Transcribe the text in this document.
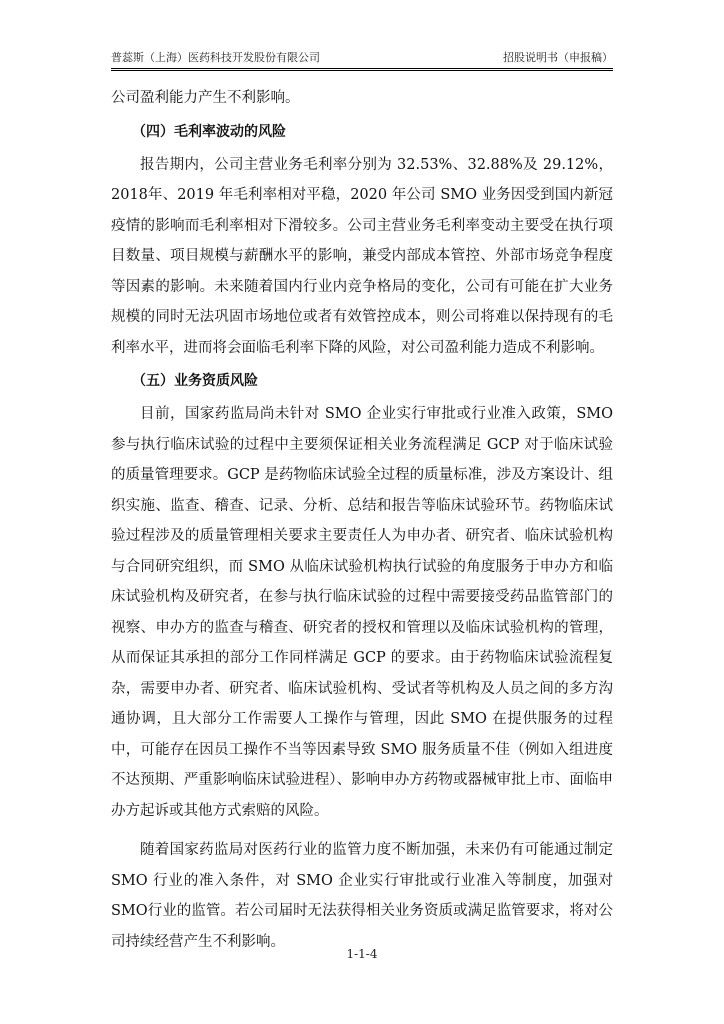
普蕊斯（上海）医药科技开发股份有限公司	招股说明书（申报稿）

公司盈利能力产生不利影响。

（四）毛利率波动的风险

报告期内，公司主营业务毛利率分别为 32.53%、32.88%及 29.12%，2018年、2019 年毛利率相对平稳，2020 年公司 SMO 业务因受到国内新冠疫情的影响而毛利率相对下滑较多。公司主营业务毛利率变动主要受在执行项目数量、项目规模与薪酬水平的影响，兼受内部成本管控、外部市场竞争程度等因素的影响。未来随着国内行业内竞争格局的变化，公司有可能在扩大业务规模的同时无法巩固市场地位或者有效管控成本，则公司将难以保持现有的毛利率水平，进而将会面临毛利率下降的风险，对公司盈利能力造成不利影响。

（五）业务资质风险

目前，国家药监局尚未针对 SMO 企业实行审批或行业准入政策，SMO 参与执行临床试验的过程中主要须保证相关业务流程满足 GCP 对于临床试验的质量管理要求。GCP 是药物临床试验全过程的质量标准，涉及方案设计、组织实施、监查、稽查、记录、分析、总结和报告等临床试验环节。药物临床试验过程涉及的质量管理相关要求主要责任人为申办者、研究者、临床试验机构与合同研究组织，而 SMO 从临床试验机构执行试验的角度服务于申办方和临床试验机构及研究者，在参与执行临床试验的过程中需要接受药品监管部门的视察、申办方的监查与稽查、研究者的授权和管理以及临床试验机构的管理，从而保证其承担的部分工作同样满足 GCP 的要求。由于药物临床试验流程复杂，需要申办者、研究者、临床试验机构、受试者等机构及人员之间的多方沟通协调，且大部分工作需要人工操作与管理，因此 SMO 在提供服务的过程中，可能存在因员工操作不当等因素导致 SMO 服务质量不佳（例如入组进度不达预期、严重影响临床试验进程）、影响申办方药物或器械审批上市、面临申办方起诉或其他方式索赔的风险。

随着国家药监局对医药行业的监管力度不断加强，未来仍有可能通过制定SMO 行业的准入条件，对 SMO 企业实行审批或行业准入等制度，加强对 SMO行业的监管。若公司届时无法获得相关业务资质或满足监管要求，将对公司持续经营产生不利影响。

1-1-4
